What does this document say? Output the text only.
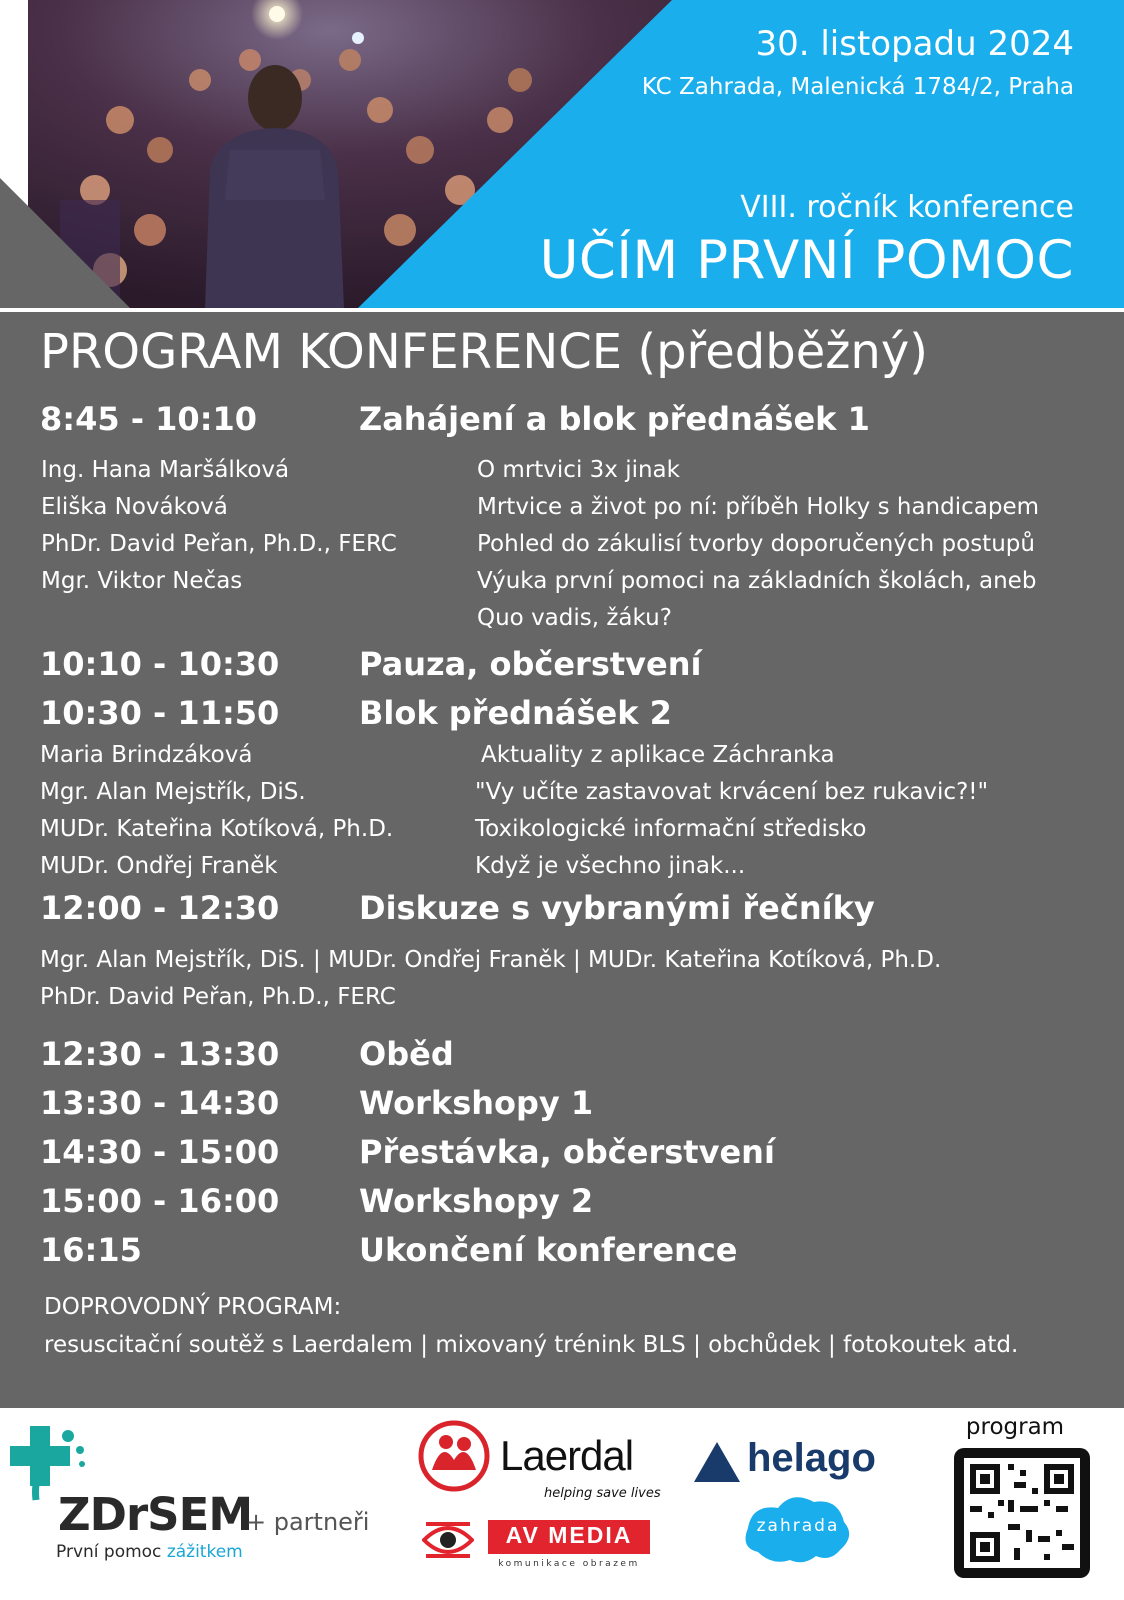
30. listopadu 2024
KC Zahrada, Malenická 1784/2, Praha
VIII. ročník konference
UČÍM PRVNÍ POMOC
PROGRAM KONFERENCE (předběžný)
8:45 - 10:10	Zahájení a blok přednášek 1
Ing. Hana Maršálková	O mrtvici 3x jinak
Eliška Nováková	Mrtvice a život po ní: příběh Holky s handicapem
PhDr. David Peřan, Ph.D., FERC	Pohled do zákulisí tvorby doporučených postupů
Mgr. Viktor Nečas	Výuka první pomoci na základních školách, aneb
Quo vadis, žáku?
10:10 - 10:30 Pauza, občerstvení
10:30 - 11:50 Blok přednášek 2
Maria Brindzáková	Aktuality z aplikace Záchranka
Mgr. Alan Mejstřík, DiS.	"Vy učíte zastavovat krvácení bez rukavic?!"
MUDr. Kateřina Kotíková, Ph.D.	Toxikologické informační středisko
MUDr. Ondřej Franěk	Když je všechno jinak...
12:00 - 12:30 Diskuze s vybranými řečníky
Mgr. Alan Mejstřík, DiS. | MUDr. Ondřej Franěk | MUDr. Kateřina Kotíková, Ph.D.
PhDr. David Peřan, Ph.D., FERC
12:30 - 13:30 Oběd
13:30 - 14:30 Workshopy 1
14:30 - 15:00 Přestávka, občerstvení
15:00 - 16:00 Workshopy 2
16:15	Ukončení konference
DOPROVODNÝ PROGRAM:
resuscitační soutěž s Laerdalem | mixovaný trénink BLS | obchůdek | fotokoutek atd.
ZDrSEM
První pomoc zážitkem
+ partneři
Laerdal
helping save lives
helago
AV MEDIA
komunikace obrazem
zahrada
program
